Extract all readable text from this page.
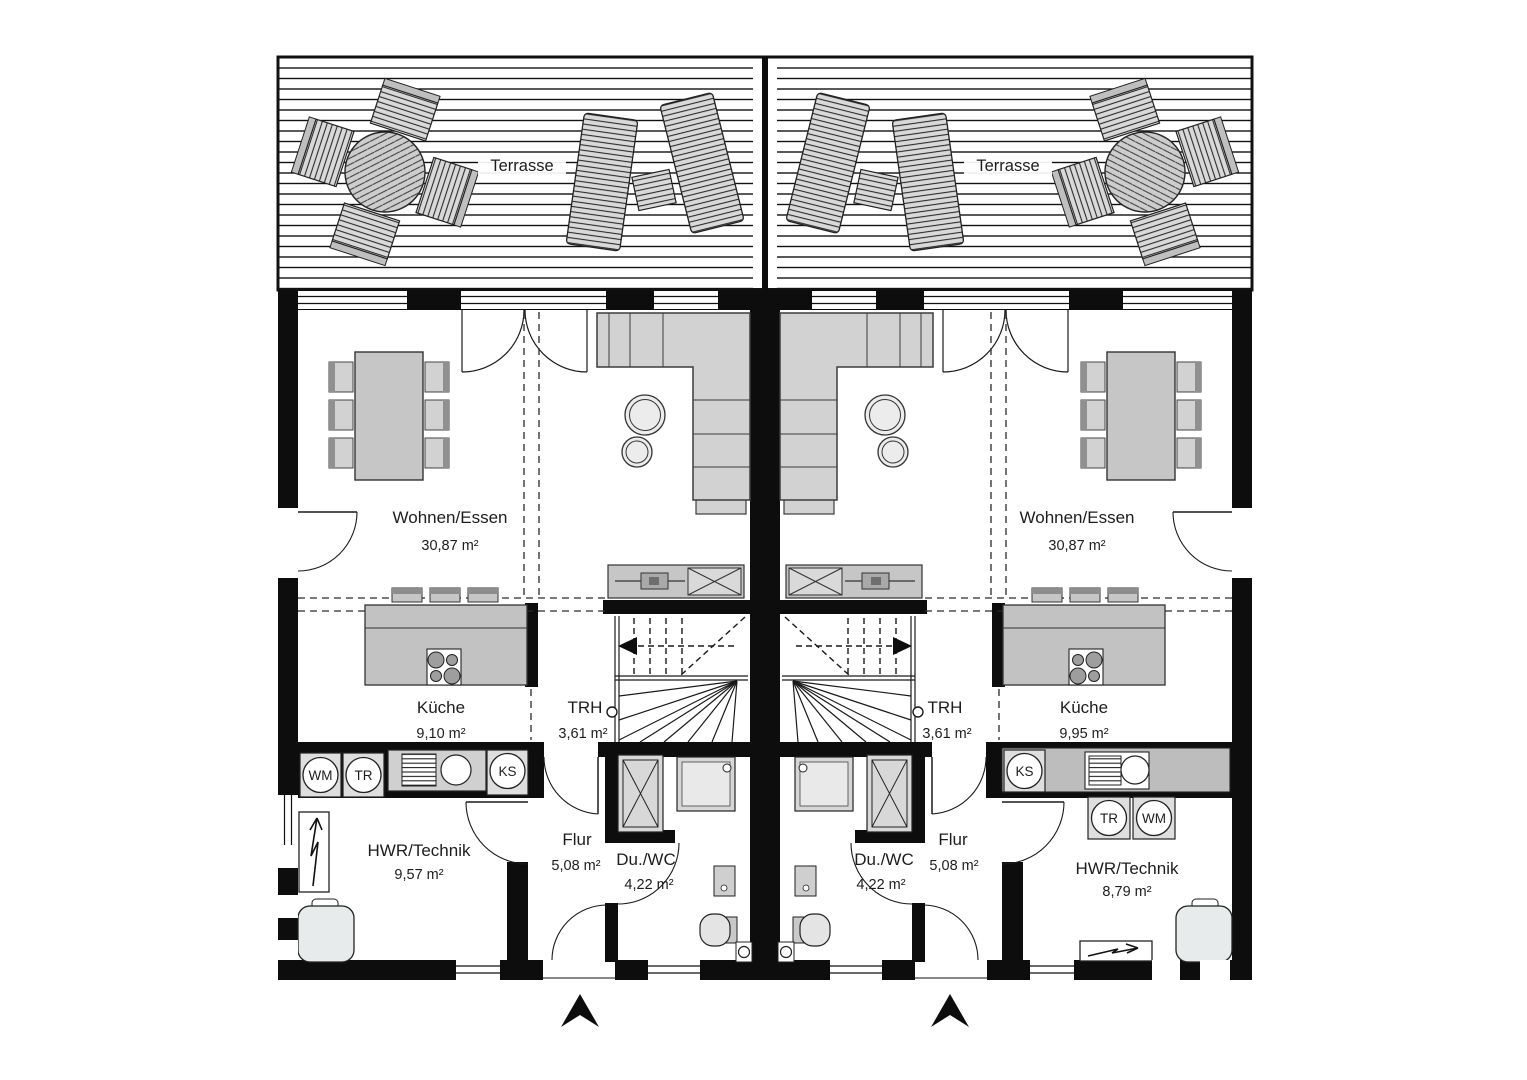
Terrasse	Terrasse
Wohnen/Essen
30,87 m²
Wohnen/Essen
30,87 m²
Küche
9,10 m²
Küche
9,95 m²
TRH
3,61 m²
TRH
3,61 m²
Flur
5,08 m²
Flur
5,08 m²
Du./WC
4,22 m²
Du./WC
4,22 m²
HWR/Technik
9,57 m²	HWR/Technik
8,79 m²
WM TR	KS	KS
TR WM
